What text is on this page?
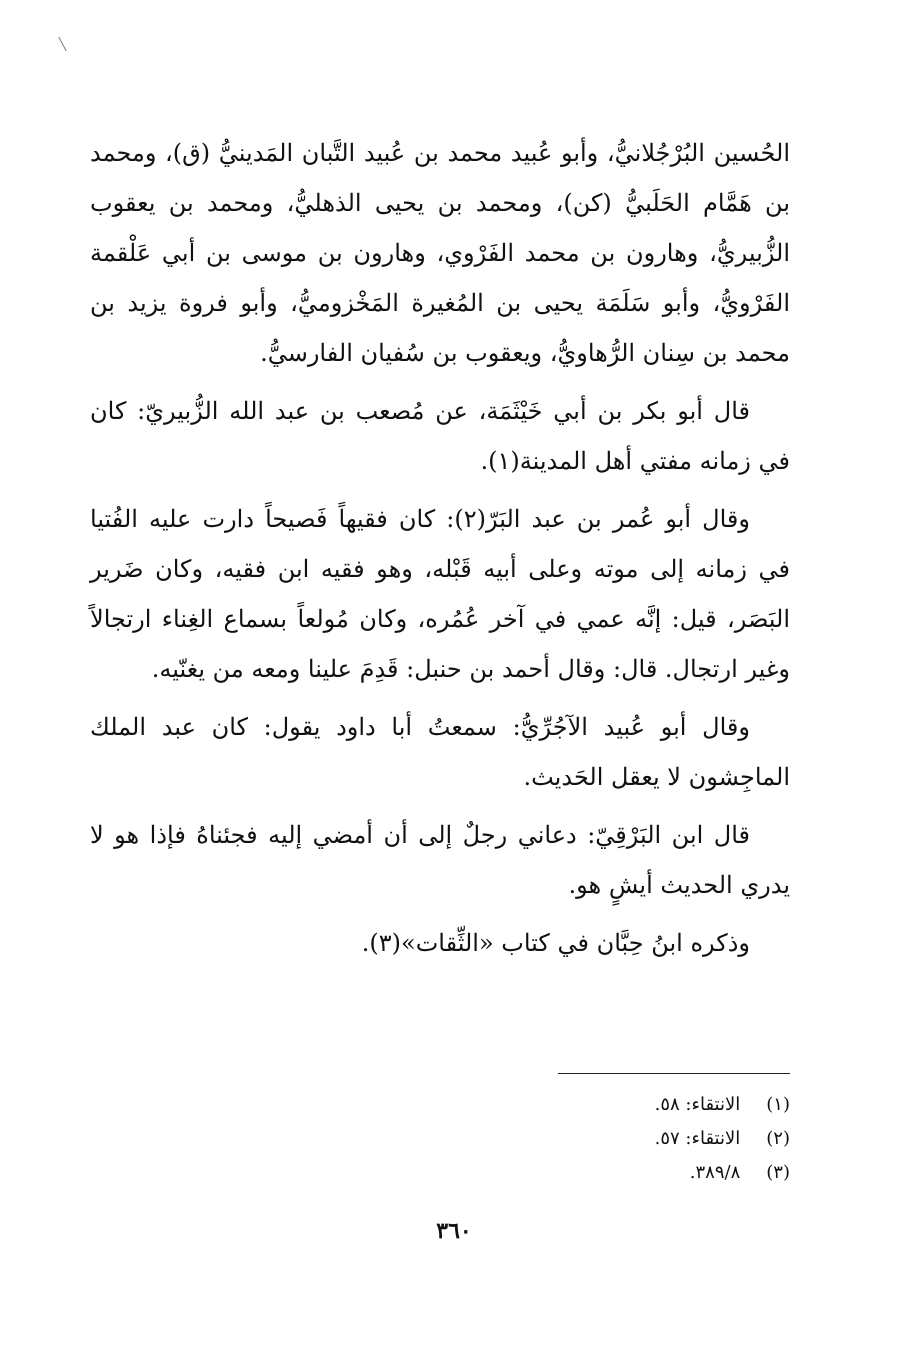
الحُسين البُرْجُلانيُّ، وأبو عُبيد محمد بن عُبيد التَّبان المَدينيُّ (ق)، ومحمد بن هَمَّام الحَلَبيُّ (كن)، ومحمد بن يحيى الذهليُّ، ومحمد بن يعقوب الزُّبيريُّ، وهارون بن محمد الفَرْوي، وهارون بن موسى بن أبي عَلْقمة الفَرْويُّ، وأبو سَلَمَة يحيى بن المُغيرة المَخْزوميُّ، وأبو فروة يزيد بن محمد بن سِنان الرُّهاويُّ، ويعقوب بن سُفيان الفارسيُّ.

قال أبو بكر بن أبي خَيْثَمَة، عن مُصعب بن عبد الله الزُّبيريّ: كان في زمانه مفتي أهل المدينة(١).

وقال أبو عُمر بن عبد البَرّ(٢): كان فقيهاً فَصيحاً دارت عليه الفُتيا في زمانه إلى موته وعلى أبيه قَبْله، وهو فقيه ابن فقيه، وكان ضَرير البَصَر، قيل: إنَّه عمي في آخر عُمُره، وكان مُولعاً بسماع الغِناء ارتجالاً وغير ارتجال. قال: وقال أحمد بن حنبل: قَدِمَ علينا ومعه من يغنّيه.

وقال أبو عُبيد الآجُرِّيُّ: سمعتُ أبا داود يقول: كان عبد الملك الماجِشون لا يعقل الحَديث.

قال ابن البَرْقِيّ: دعاني رجلٌ إلى أن أمضي إليه فجئناهُ فإذا هو لا يدري الحديث أيشٍ هو.

وذكره ابنُ حِبَّان في كتاب «الثِّقات»(٣).

(١) الانتقاء: ٥٨.

(٢) الانتقاء: ٥٧.

(٣) ٣٨٩/٨.

٣٦٠
